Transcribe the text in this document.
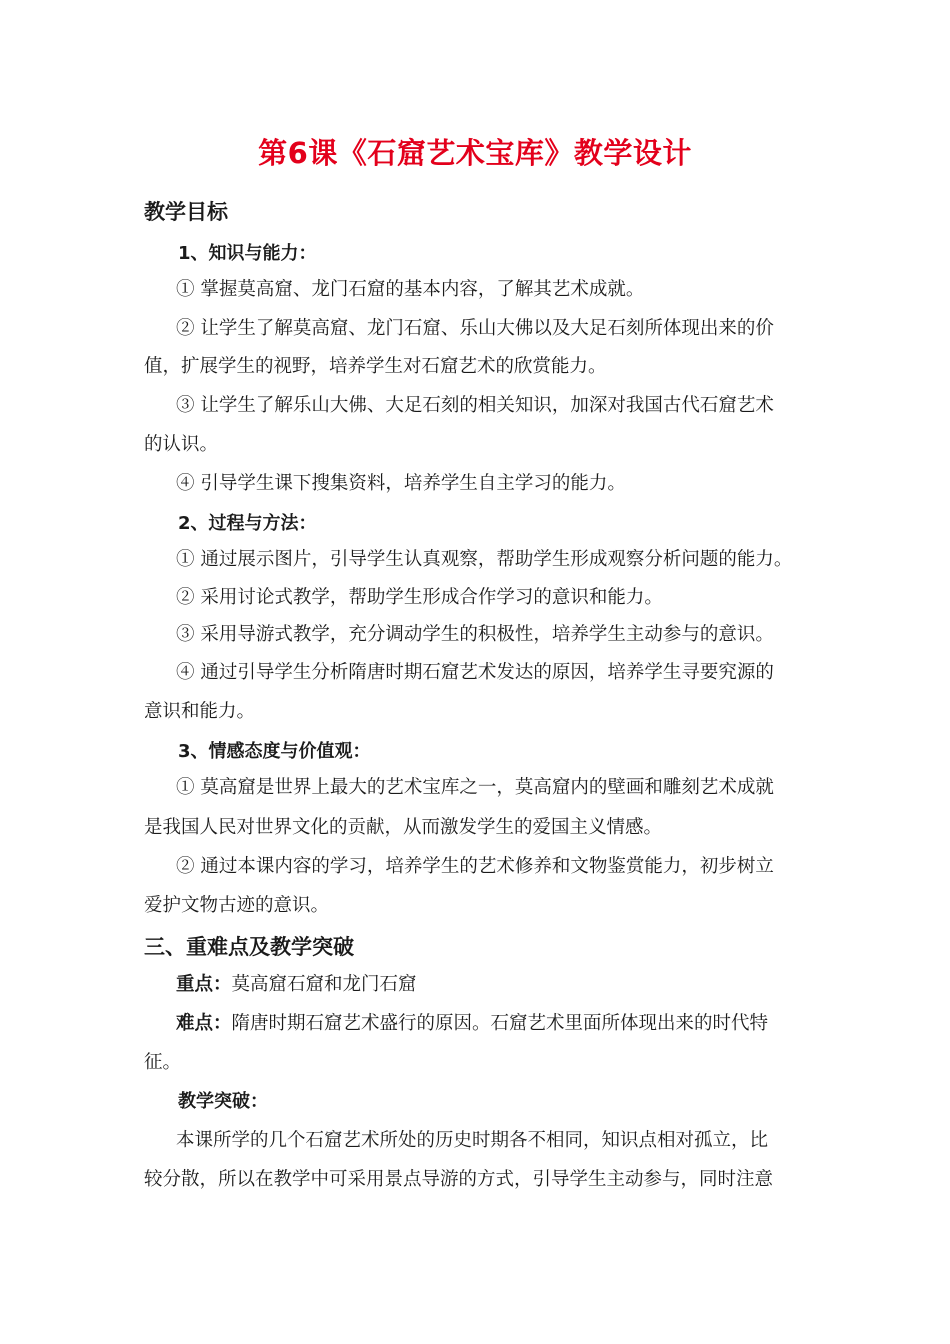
第6课《石窟艺术宝库》教学设计
教学目标
1、知识与能力：
① 掌握莫高窟、龙门石窟的基本内容，了解其艺术成就。
② 让学生了解莫高窟、龙门石窟、乐山大佛以及大足石刻所体现出来的价
值，扩展学生的视野，培养学生对石窟艺术的欣赏能力。
③ 让学生了解乐山大佛、大足石刻的相关知识，加深对我国古代石窟艺术
的认识。
④ 引导学生课下搜集资料，培养学生自主学习的能力。
2、过程与方法：
① 通过展示图片，引导学生认真观察，帮助学生形成观察分析问题的能力。
② 采用讨论式教学，帮助学生形成合作学习的意识和能力。
③ 采用导游式教学，充分调动学生的积极性，培养学生主动参与的意识。
④ 通过引导学生分析隋唐时期石窟艺术发达的原因，培养学生寻要究源的
意识和能力。
3、情感态度与价值观：
① 莫高窟是世界上最大的艺术宝库之一，莫高窟内的壁画和雕刻艺术成就
是我国人民对世界文化的贡献，从而激发学生的爱国主义情感。
② 通过本课内容的学习，培养学生的艺术修养和文物鉴赏能力，初步树立
爱护文物古迹的意识。
三、重难点及教学突破
重点：莫高窟石窟和龙门石窟
难点：隋唐时期石窟艺术盛行的原因。石窟艺术里面所体现出来的时代特
征。
教学突破：
本课所学的几个石窟艺术所处的历史时期各不相同，知识点相对孤立，比
较分散，所以在教学中可采用景点导游的方式，引导学生主动参与，同时注意
